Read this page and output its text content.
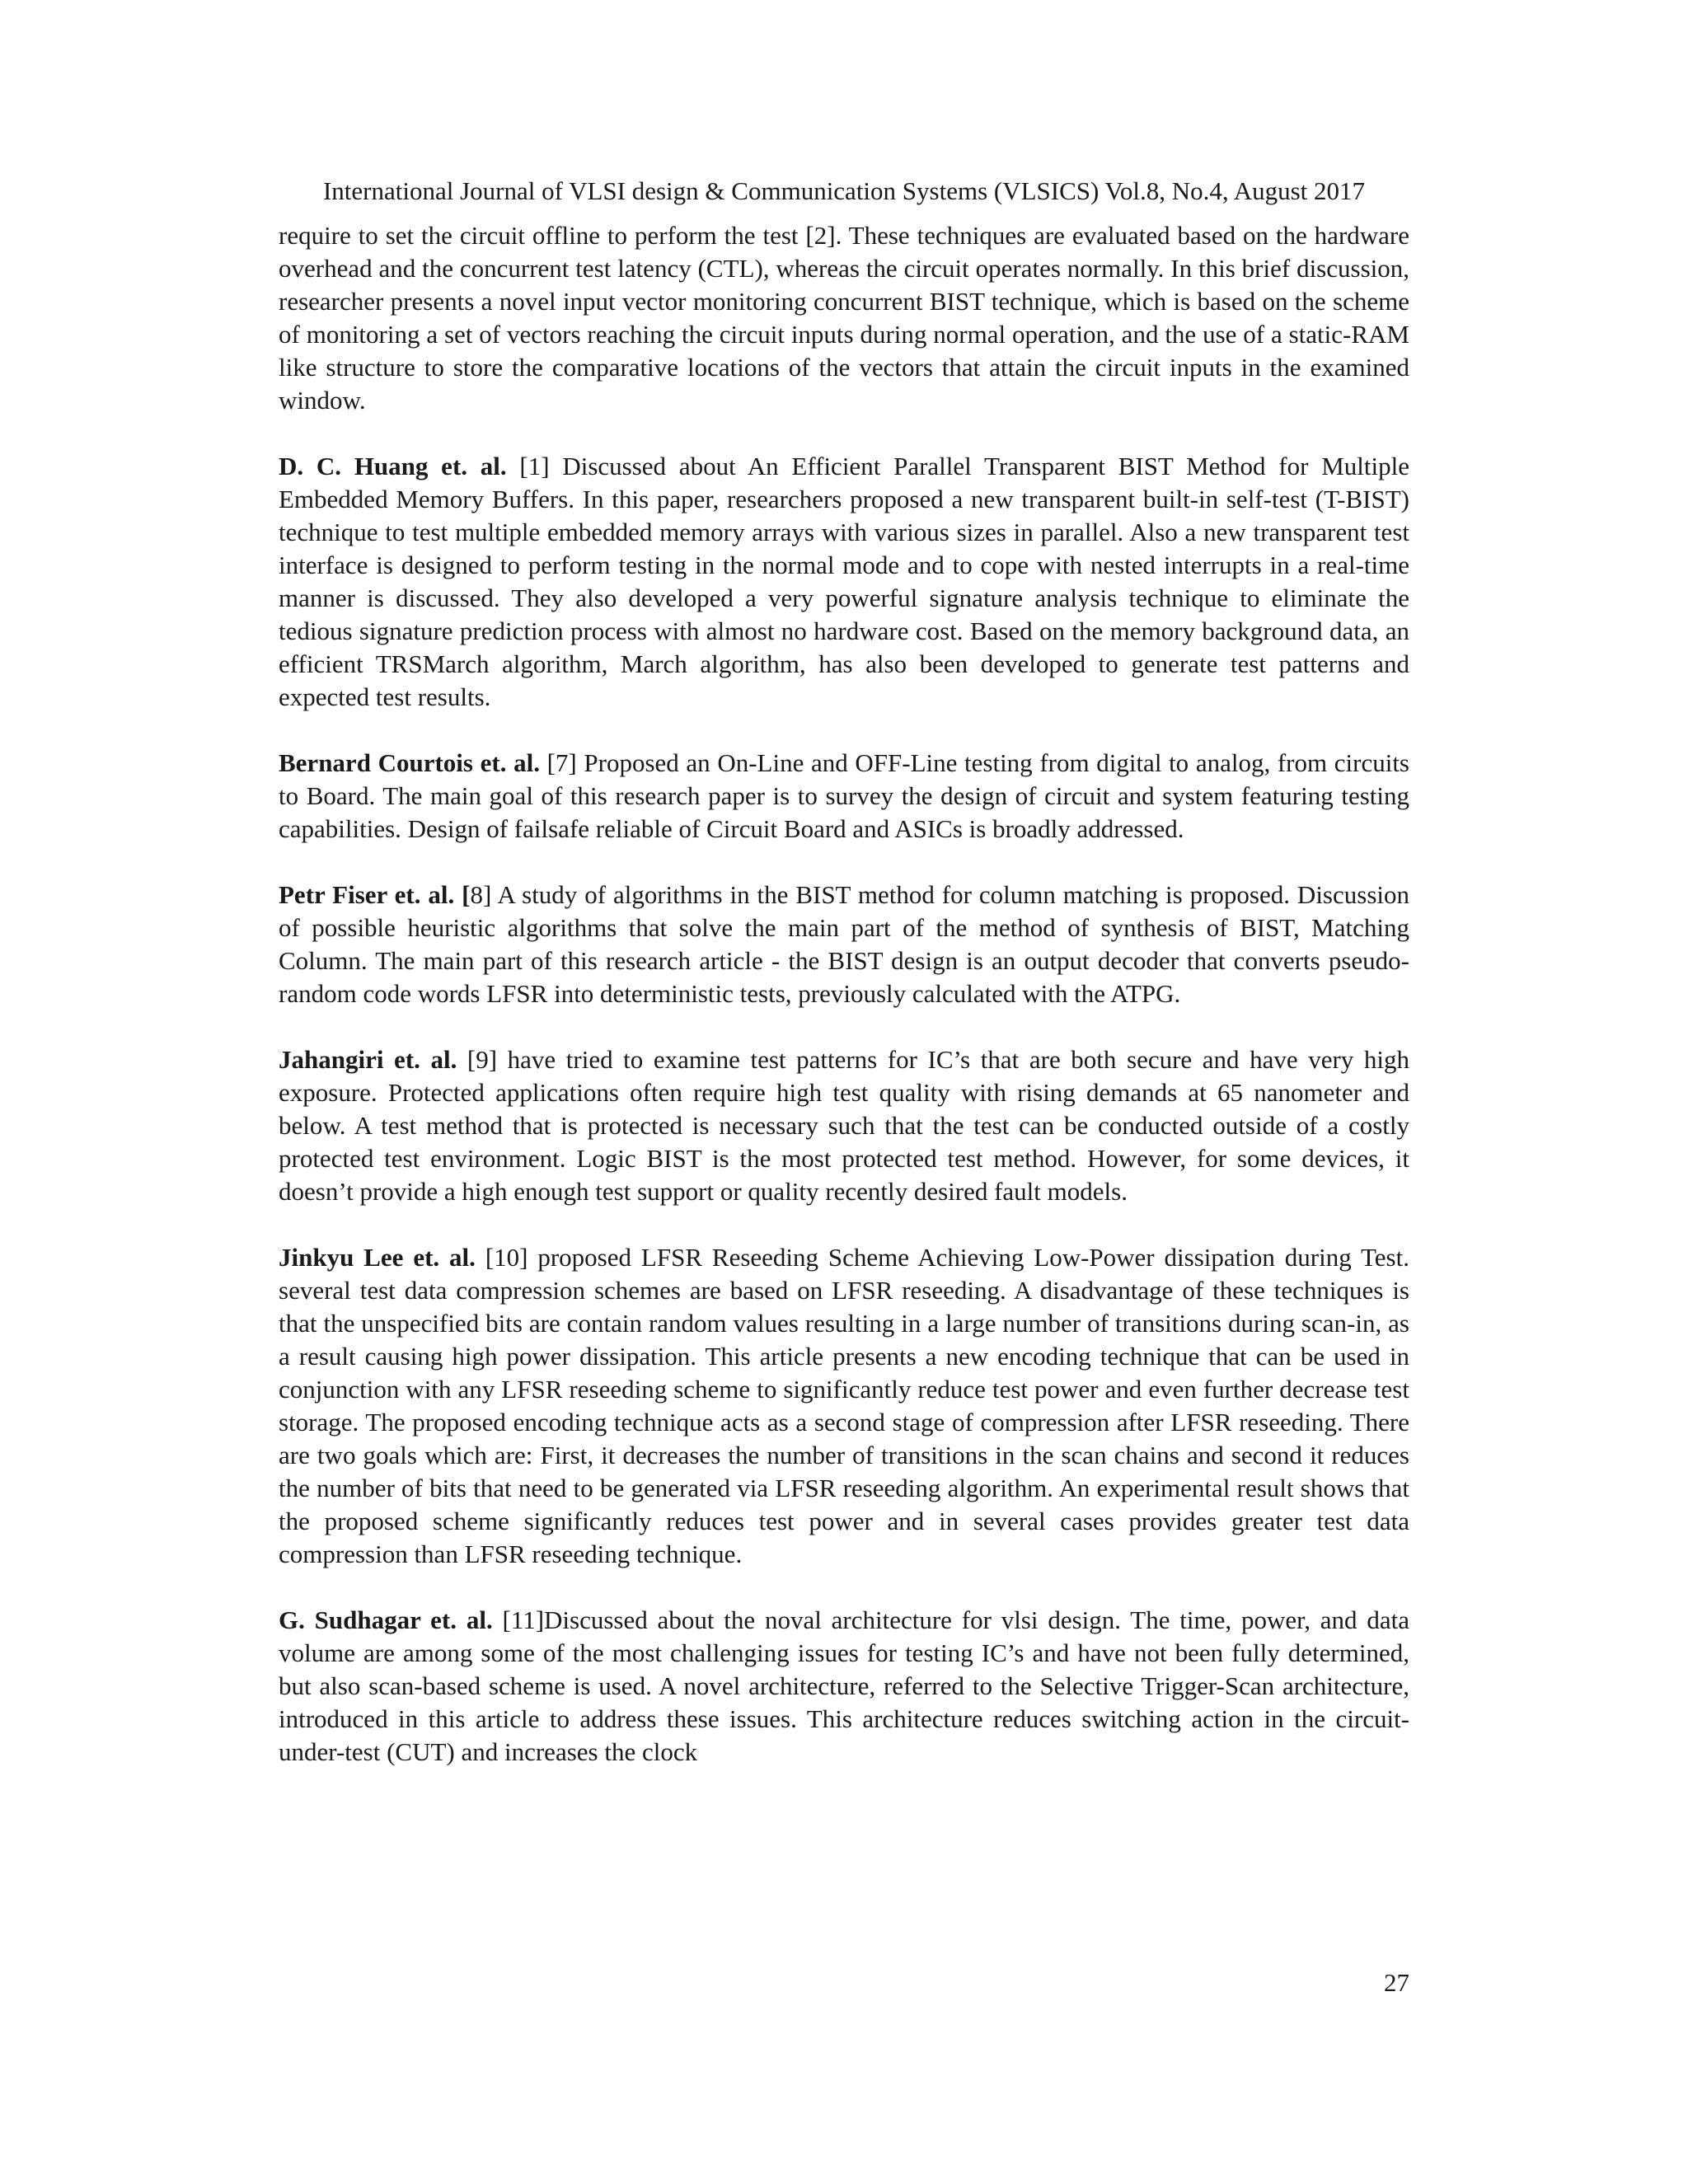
International Journal of VLSI design & Communication Systems (VLSICS) Vol.8, No.4, August 2017

require to set the circuit offline to perform the test [2]. These techniques are evaluated based on the hardware overhead and the concurrent test latency (CTL), whereas the circuit operates normally. In this brief discussion, researcher presents a novel input vector monitoring concurrent BIST technique, which is based on the scheme of monitoring a set of vectors reaching the circuit inputs during normal operation, and the use of a static-RAM like structure to store the comparative locations of the vectors that attain the circuit inputs in the examined window.

D. C. Huang et. al. [1] Discussed about An Efficient Parallel Transparent BIST Method for Multiple Embedded Memory Buffers. In this paper, researchers proposed a new transparent built-in self-test (T-BIST) technique to test multiple embedded memory arrays with various sizes in parallel. Also a new transparent test interface is designed to perform testing in the normal mode and to cope with nested interrupts in a real-time manner is discussed. They also developed a very powerful signature analysis technique to eliminate the tedious signature prediction process with almost no hardware cost. Based on the memory background data, an efficient TRSMarch algorithm, March algorithm, has also been developed to generate test patterns and expected test results.

Bernard Courtois et. al. [7] Proposed an On-Line and OFF-Line testing from digital to analog, from circuits to Board. The main goal of this research paper is to survey the design of circuit and system featuring testing capabilities. Design of failsafe reliable of Circuit Board and ASICs is broadly addressed.

Petr Fiser et. al. [8] A study of algorithms in the BIST method for column matching is proposed. Discussion of possible heuristic algorithms that solve the main part of the method of synthesis of BIST, Matching Column. The main part of this research article - the BIST design is an output decoder that converts pseudo-random code words LFSR into deterministic tests, previously calculated with the ATPG.

Jahangiri et. al. [9] have tried to examine test patterns for IC’s that are both secure and have very high exposure. Protected applications often require high test quality with rising demands at 65 nanometer and below. A test method that is protected is necessary such that the test can be conducted outside of a costly protected test environment. Logic BIST is the most protected test method. However, for some devices, it doesn’t provide a high enough test support or quality recently desired fault models.

Jinkyu Lee et. al. [10] proposed LFSR Reseeding Scheme Achieving Low-Power dissipation during Test. several test data compression schemes are based on LFSR reseeding. A disadvantage of these techniques is that the unspecified bits are contain random values resulting in a large number of transitions during scan-in, as a result causing high power dissipation. This article presents a new encoding technique that can be used in conjunction with any LFSR reseeding scheme to significantly reduce test power and even further decrease test storage. The proposed encoding technique acts as a second stage of compression after LFSR reseeding. There are two goals which are: First, it decreases the number of transitions in the scan chains and second it reduces the number of bits that need to be generated via LFSR reseeding algorithm. An experimental result shows that the proposed scheme significantly reduces test power and in several cases provides greater test data compression than LFSR reseeding technique.

G. Sudhagar et. al. [11]Discussed about the noval architecture for vlsi design. The time, power, and data volume are among some of the most challenging issues for testing IC’s and have not been fully determined, but also scan-based scheme is used. A novel architecture, referred to the Selective Trigger-Scan architecture, introduced in this article to address these issues. This architecture reduces switching action in the circuit-under-test (CUT) and increases the clock

27
